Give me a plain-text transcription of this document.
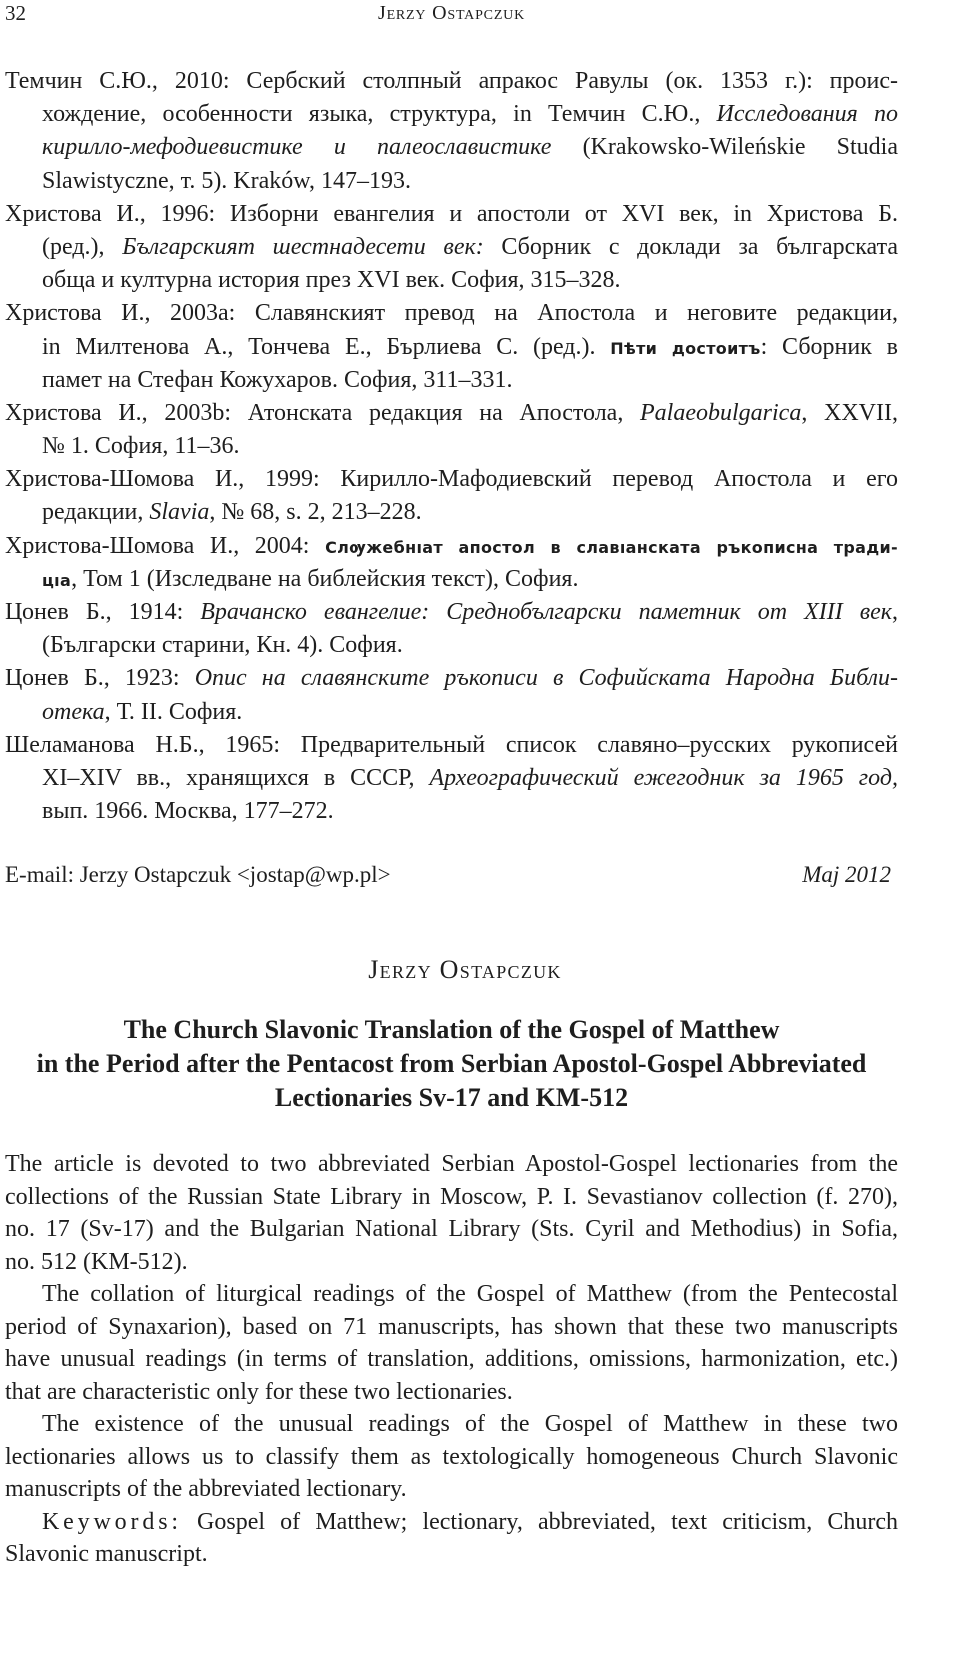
32	Jerzy Ostapczuk
Темчин С.Ю., 2010: Сербский столпный апракос Равулы (ок. 1353 г.): проис-
хождение, особенности языка, структура, in Темчин С.Ю., Исследования по
кирилло-мефодиевистике и палеославистике (Krakowsko-Wileńskie Studia
Slawistyczne, т. 5). Kraków, 147–193.
Христова И., 1996: Изборни евангелия и апостоли от XVI век, in Христова Б.
(ред.), Българският шестнадесети век: Сборник с доклади за българската
обща и културна история през XVI век. София, 315–328.
Христова И., 2003a: Славянският превод на Апостола и неговите редакции,
in Милтенова А., Тончева Е., Бърлиева С. (ред.). Пѣти достоитъ: Сборник в
памет на Стефан Кожухаров. София, 311–331.
Христова И., 2003b: Атонската редакция на Апостола, Palaeobulgarica, XXVII,
№ 1. София, 11–36.
Христова-Шомова И., 1999: Кирилло-Мафодиевский перевод Апостола и его
редакции, Slavia, № 68, s. 2, 213–228.
Христова-Шомова И., 2004: Слѹжебнıат апостол в славıанската ръкописна тради-
цıа, Том 1 (Изследване на библейския текст), София.
Цонев Б., 1914: Врачанско евангелие: Среднобългарски паметник от XIII век,
(Български старини, Кн. 4). София.
Цонев Б., 1923: Опис на славянските ръкописи в Софийската Народна Библи-
отека, Т. II. София.
Шеламанова Н.Б., 1965: Предварительный список славяно–русских рукописей
XI–XIV вв., хранящихся в СССР, Археографический ежегодник за 1965 год,
вып. 1966. Москва, 177–272.
E-mail: Jerzy Ostapczuk <jostap@wp.pl>	Maj 2012
Jerzy Ostapczuk
The Church Slavonic Translation of the Gospel of Matthew
in the Period after the Pentacost from Serbian Apostol-Gospel Abbreviated
Lectionaries Sv-17 and KM-512
The article is devoted to two abbreviated Serbian Apostol-Gospel lectionaries from the
collections of the Russian State Library in Moscow, P. I. Sevastianov collection (f. 270),
no. 17 (Sv-17) and the Bulgarian National Library (Sts. Cyril and Methodius) in Sofia,
no. 512 (KM-512).
The collation of liturgical readings of the Gospel of Matthew (from the Pentecostal
period of Synaxarion), based on 71 manuscripts, has shown that these two manuscripts
have unusual readings (in terms of translation, additions, omissions, harmonization, etc.)
that are characteristic only for these two lectionaries.
The existence of the unusual readings of the Gospel of Matthew in these two
lectionaries allows us to classify them as textologically homogeneous Church Slavonic
manuscripts of the abbreviated lectionary.
Keywords: Gospel of Matthew; lectionary, abbreviated, text criticism, Church
Slavonic manuscript.
